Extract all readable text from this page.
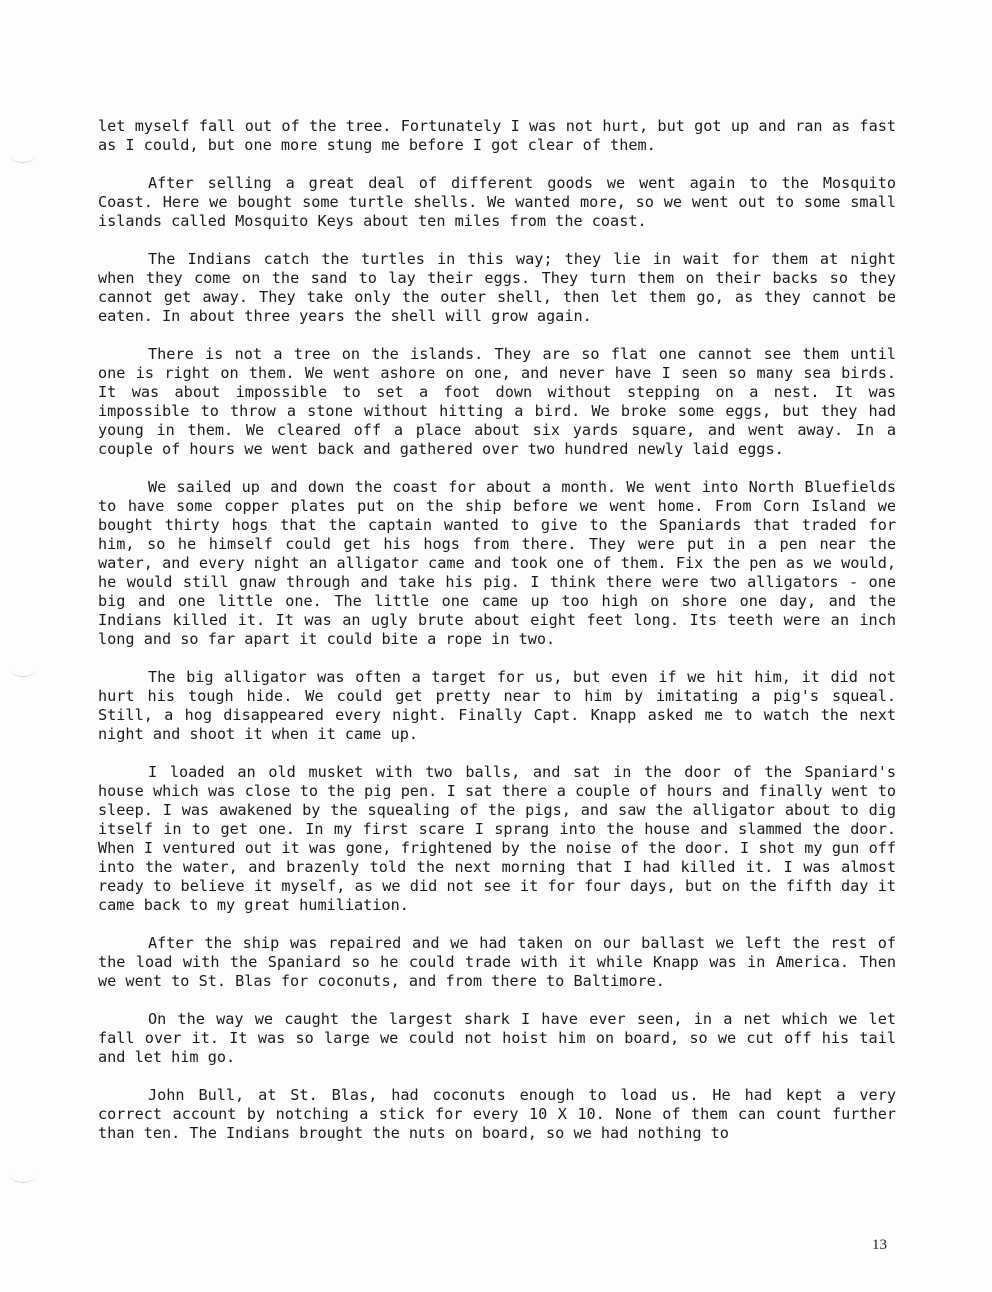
let myself fall out of the tree. Fortunately I was not hurt, but got up and ran as fast as I could, but one more stung me before I got clear of them.

After selling a great deal of different goods we went again to the Mosquito Coast. Here we bought some turtle shells. We wanted more, so we went out to some small islands called Mosquito Keys about ten miles from the coast.

The Indians catch the turtles in this way; they lie in wait for them at night when they come on the sand to lay their eggs. They turn them on their backs so they cannot get away. They take only the outer shell, then let them go, as they cannot be eaten. In about three years the shell will grow again.

There is not a tree on the islands. They are so flat one cannot see them until one is right on them. We went ashore on one, and never have I seen so many sea birds. It was about impossible to set a foot down without stepping on a nest. It was impossible to throw a stone without hitting a bird. We broke some eggs, but they had young in them. We cleared off a place about six yards square, and went away. In a couple of hours we went back and gathered over two hundred newly laid eggs.

We sailed up and down the coast for about a month. We went into North Bluefields to have some copper plates put on the ship before we went home. From Corn Island we bought thirty hogs that the captain wanted to give to the Spaniards that traded for him, so he himself could get his hogs from there. They were put in a pen near the water, and every night an alligator came and took one of them. Fix the pen as we would, he would still gnaw through and take his pig. I think there were two alligators - one big and one little one. The little one came up too high on shore one day, and the Indians killed it. It was an ugly brute about eight feet long. Its teeth were an inch long and so far apart it could bite a rope in two.

The big alligator was often a target for us, but even if we hit him, it did not hurt his tough hide. We could get pretty near to him by imitating a pig's squeal. Still, a hog disappeared every night. Finally Capt. Knapp asked me to watch the next night and shoot it when it came up.

I loaded an old musket with two balls, and sat in the door of the Spaniard's house which was close to the pig pen. I sat there a couple of hours and finally went to sleep. I was awakened by the squealing of the pigs, and saw the alligator about to dig itself in to get one. In my first scare I sprang into the house and slammed the door. When I ventured out it was gone, frightened by the noise of the door. I shot my gun off into the water, and brazenly told the next morning that I had killed it. I was almost ready to believe it myself, as we did not see it for four days, but on the fifth day it came back to my great humiliation.

After the ship was repaired and we had taken on our ballast we left the rest of the load with the Spaniard so he could trade with it while Knapp was in America. Then we went to St. Blas for coconuts, and from there to Baltimore.

On the way we caught the largest shark I have ever seen, in a net which we let fall over it. It was so large we could not hoist him on board, so we cut off his tail and let him go.

John Bull, at St. Blas, had coconuts enough to load us. He had kept a very correct account by notching a stick for every 10 X 10. None of them can count further than ten. The Indians brought the nuts on board, so we had nothing to

13
